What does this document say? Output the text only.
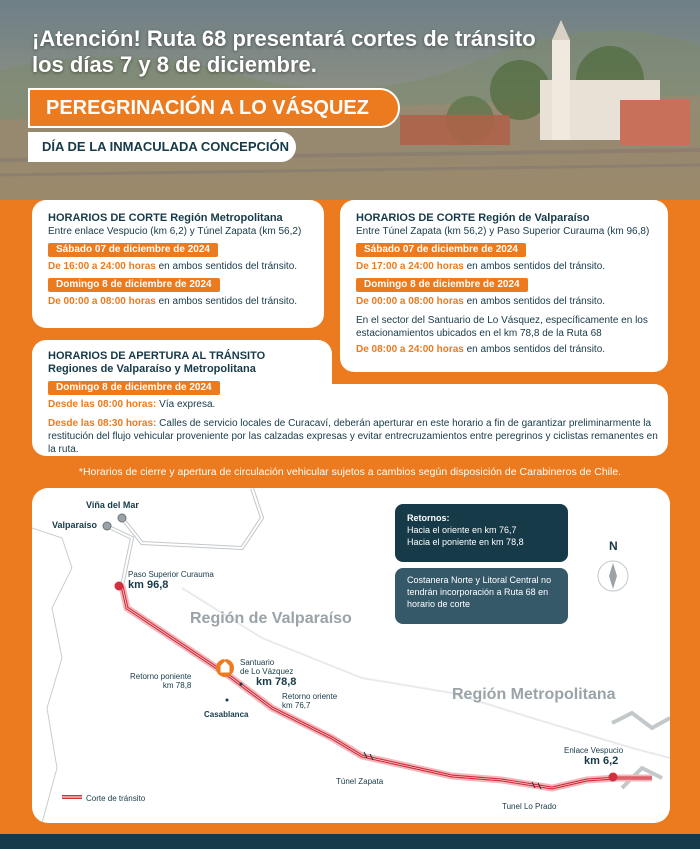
¡Atención! Ruta 68 presentará cortes de tránsito
los días 7 y 8 de diciembre.
PEREGRINACIÓN A LO VÁSQUEZ
DÍA DE LA INMACULADA CONCEPCIÓN
HORARIOS DE CORTE Región Metropolitana
Entre enlace Vespucio (km 6,2) y Túnel Zapata (km 56,2)
Sábado 07 de diciembre de 2024
De 16:00 a 24:00 horas en ambos sentidos del tránsito.
Domingo 8 de diciembre de 2024
De 00:00 a 08:00 horas en ambos sentidos del tránsito.
HORARIOS DE CORTE Región de Valparaíso
Entre Túnel Zapata (km 56,2) y Paso Superior Curauma (km 96,8)
Sábado 07 de diciembre de 2024
De 17:00 a 24:00 horas en ambos sentidos del tránsito.
Domingo 8 de diciembre de 2024
De 00:00 a 08:00 horas en ambos sentidos del tránsito.
En el sector del Santuario de Lo Vásquez, específicamente en los estacionamientos ubicados en el km 78,8 de la Ruta 68
De 08:00 a 24:00 horas en ambos sentidos del tránsito.
HORARIOS DE APERTURA AL TRÁNSITO
Regiones de Valparaíso y Metropolitana
Domingo 8 de diciembre de 2024
Desde las 08:00 horas: Vía expresa.
Desde las 08:30 horas: Calles de servicio locales de Curacaví, deberán aperturar en este horario a fin de garantizar preliminarmente la restitución del flujo vehicular proveniente por las calzadas expresas y evitar entrecruzamientos entre peregrinos y ciclistas remanentes en la ruta.
*Horarios de cierre y apertura de circulación vehicular sujetos a cambios según disposición de Carabineros de Chile.
Viña del Mar
Valparaíso
Paso Superior Curauma
km 96,8
Región de Valparaíso
Región Metropolitana
Santuario
de Lo Vázquez
km 78,8
Retorno poniente
km 78,8
Retorno oriente
km 76,7
Casablanca
Túnel Zapata
Tunel Lo Prado
Enlace Vespucio
km 6,2
Corte de tránsito
N
Retornos:
Hacia el oriente en km 76,7
Hacia el poniente en km 78,8
Costanera Norte y Litoral Central no tendrán incorporación a Ruta 68 en horario de corte
